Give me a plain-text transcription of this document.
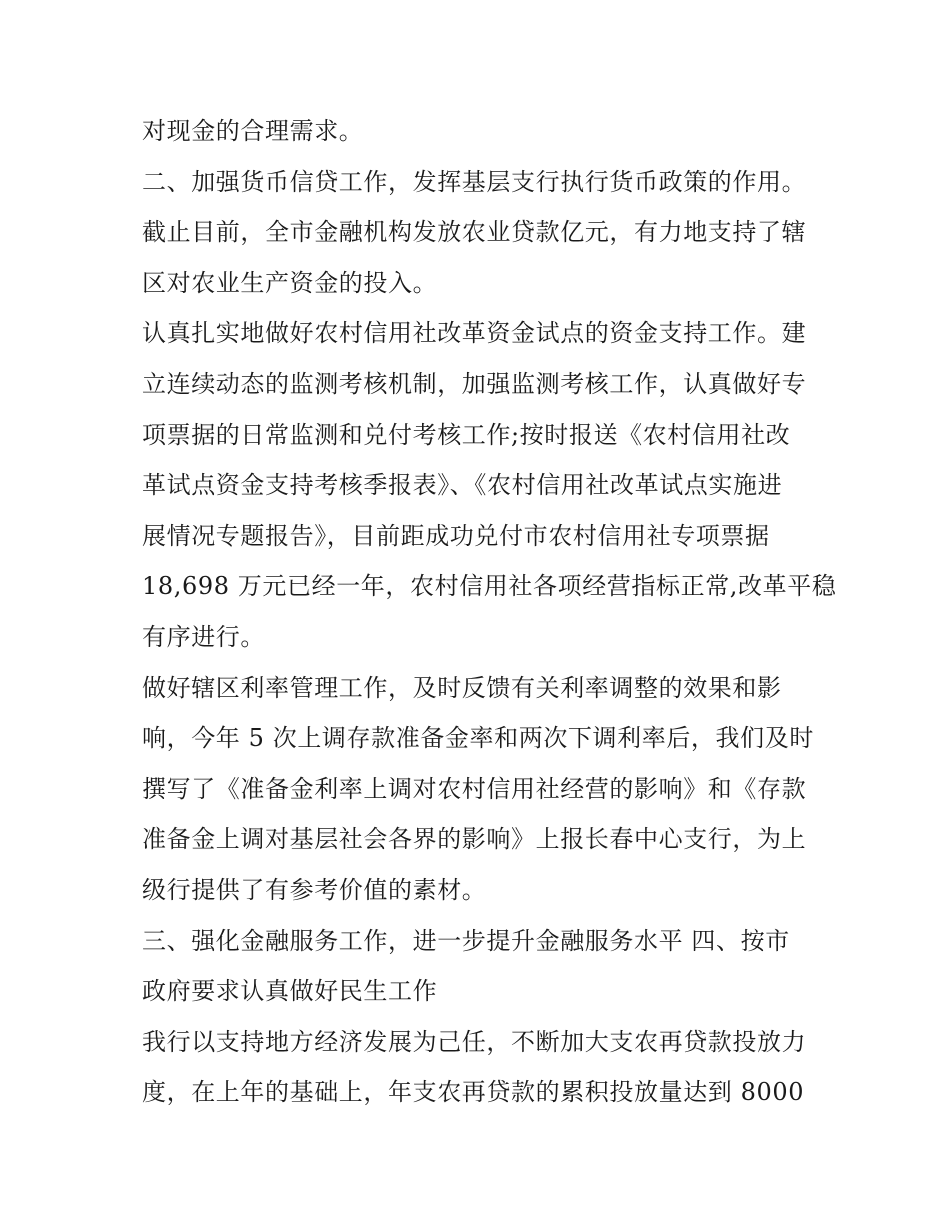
对现金的合理需求。

二、加强货币信贷工作，发挥基层支行执行货币政策的作用。

截止目前，全市金融机构发放农业贷款亿元，有力地支持了辖
区对农业生产资金的投入。

认真扎实地做好农村信用社改革资金试点的资金支持工作。建
立连续动态的监测考核机制，加强监测考核工作，认真做好专
项票据的日常监测和兑付考核工作;按时报送《农村信用社改
革试点资金支持考核季报表》、《农村信用社改革试点实施进
展情况专题报告》，目前距成功兑付市农村信用社专项票据
18,698 万元已经一年，农村信用社各项经营指标正常,改革平稳
有序进行。

做好辖区利率管理工作，及时反馈有关利率调整的效果和影
响，今年 5 次上调存款准备金率和两次下调利率后，我们及时
撰写了《准备金利率上调对农村信用社经营的影响》和《存款
准备金上调对基层社会各界的影响》上报长春中心支行，为上
级行提供了有参考价值的素材。

三、强化金融服务工作，进一步提升金融服务水平 四、按市
政府要求认真做好民生工作

我行以支持地方经济发展为己任，不断加大支农再贷款投放力
度，在上年的基础上，年支农再贷款的累积投放量达到 8000
